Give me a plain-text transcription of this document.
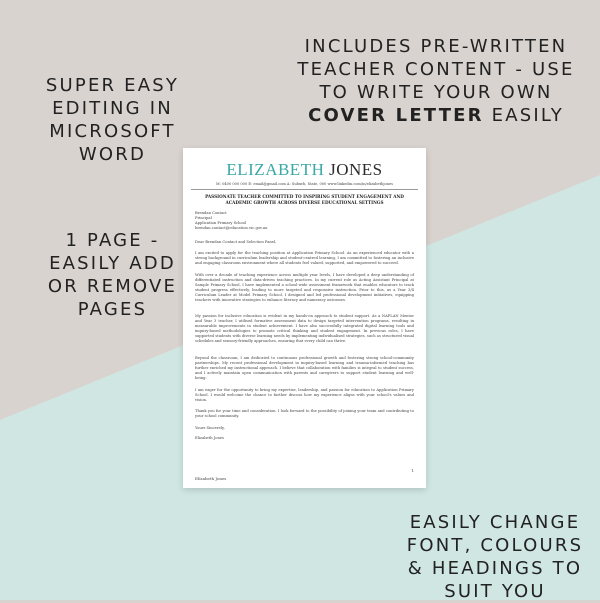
SUPER EASY
EDITING IN
MICROSOFT
WORD
INCLUDES PRE-WRITTEN
TEACHER CONTENT - USE
TO WRITE YOUR OWN
COVER LETTER EASILY
1 PAGE -
EASILY ADD
OR REMOVE
PAGES
EASILY CHANGE
FONT, COLOURS
& HEADINGS TO
SUIT YOU
ELIZABETH JONES
M: 0400 000 000 E: email@gmail.com A: Suburb, State, 000 www.linkedin.com/in/elizabethjones
PASSIONATE TEACHER COMMITTED TO INSPIRING STUDENT ENGAGEMENT AND ACADEMIC GROWTH ACROSS DIVERSE EDUCATIONAL SETTINGS
Brendan Contact
Principal
Application Primary School
brendan.contact@education.vic.gov.au
Dear Brendan Contact and Selection Panel,
I am excited to apply for the teaching position at Application Primary School. As an experienced educator with a strong background in curriculum leadership and student-centred learning, I am committed to fostering an inclusive and engaging classroom environment where all students feel valued, supported, and empowered to succeed.
With over a decade of teaching experience across multiple year levels, I have developed a deep understanding of differentiated instruction and data-driven teaching practices. In my current role as Acting Assistant Principal at Sample Primary School, I have implemented a school-wide assessment framework that enables educators to track student progress effectively, leading to more targeted and responsive instruction. Prior to this, as a Year 3/4 Curriculum Leader at Model Primary School, I designed and led professional development initiatives, equipping teachers with innovative strategies to enhance literacy and numeracy outcomes.
My passion for inclusive education is evident in my hands-on approach to student support. As a NAPLAN Mentor and Year 3 teacher, I utilised formative assessment data to design targeted intervention programs, resulting in measurable improvements in student achievement. I have also successfully integrated digital learning tools and inquiry-based methodologies to promote critical thinking and student engagement. In previous roles, I have supported students with diverse learning needs by implementing individualised strategies, such as structured visual schedules and sensory-friendly approaches, ensuring that every child can thrive.
Beyond the classroom, I am dedicated to continuous professional growth and fostering strong school-community partnerships. My recent professional development in inquiry-based learning and trauma-informed teaching has further enriched my instructional approach. I believe that collaboration with families is integral to student success, and I actively maintain open communication with parents and caregivers to support student learning and well-being.
I am eager for the opportunity to bring my expertise, leadership, and passion for education to Application Primary School. I would welcome the chance to further discuss how my experience aligns with your school's values and vision.
Thank you for your time and consideration. I look forward to the possibility of joining your team and contributing to your school community.
Yours Sincerely,
Elizabeth Jones
1
Elizabeth Jones
